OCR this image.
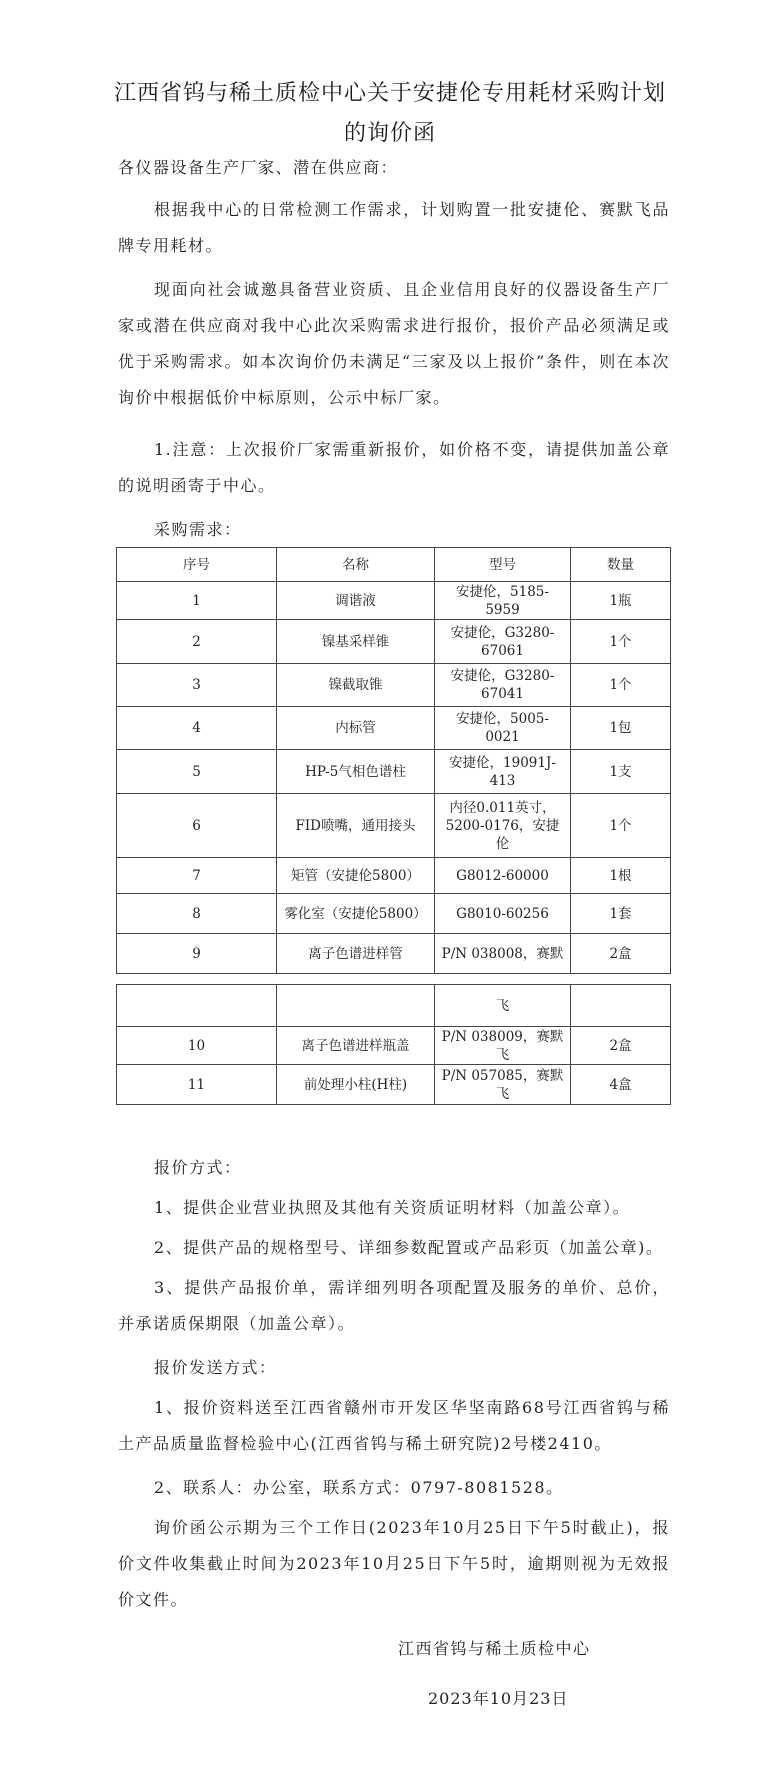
江西省钨与稀土质检中心关于安捷伦专用耗材采购计划的询价函
各仪器设备生产厂家、潜在供应商：
根据我中心的日常检测工作需求，计划购置一批安捷伦、赛默飞品牌专用耗材。
现面向社会诚邀具备营业资质、且企业信用良好的仪器设备生产厂家或潜在供应商对我中心此次采购需求进行报价，报价产品必须满足或优于采购需求。如本次询价仍未满足“三家及以上报价”条件，则在本次询价中根据低价中标原则，公示中标厂家。
1.注意：上次报价厂家需重新报价，如价格不变，请提供加盖公章的说明函寄于中心。
采购需求：
序号	名称	型号	数量
1	调谐液	安捷伦，5185-5959	1瓶
2	镍基采样锥	安捷伦，G3280-67061	1个
3	镍截取锥	安捷伦，G3280-67041	1个
4	内标管	安捷伦，5005-0021	1包
5	HP-5气相色谱柱	安捷伦，19091J-413	1支
6	FID喷嘴，通用接头	内径0.011英寸，5200-0176，安捷伦	1个
7	矩管（安捷伦5800）	G8012-60000	1根
8	雾化室（安捷伦5800）	G8010-60256	1套
9	离子色谱进样管	P/N 038008，赛默	2盒
		飞	
10	离子色谱进样瓶盖	P/N 038009，赛默飞	2盒
11	前处理小柱(H柱)	P/N 057085，赛默飞	4盒
报价方式：
1、提供企业营业执照及其他有关资质证明材料（加盖公章）。
2、提供产品的规格型号、详细参数配置或产品彩页（加盖公章)。
3、提供产品报价单，需详细列明各项配置及服务的单价、总价，并承诺质保期限（加盖公章）。
报价发送方式：
1、报价资料送至江西省赣州市开发区华坚南路68号江西省钨与稀土产品质量监督检验中心(江西省钨与稀土研究院)2号楼2410。
2、联系人：办公室，联系方式：0797-8081528。
询价函公示期为三个工作日(2023年10月25日下午5时截止)，报价文件收集截止时间为2023年10月25日下午5时，逾期则视为无效报价文件。
江西省钨与稀土质检中心
2023年10月23日
